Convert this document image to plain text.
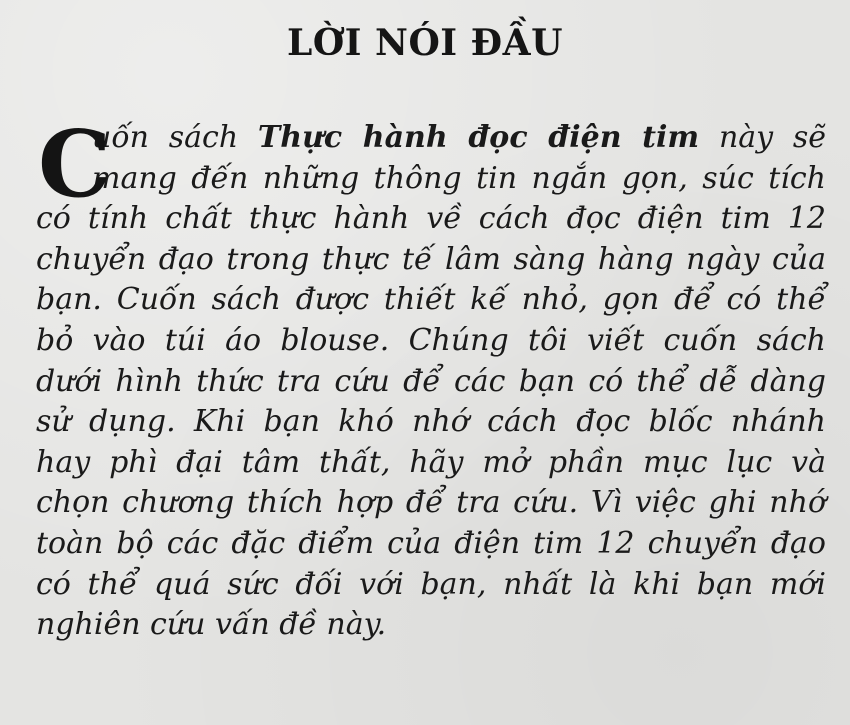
LỜI NÓI ĐẦU
C
uốn sách Thực hành đọc điện tim này sẽ
mang đến những thông tin ngắn gọn, súc tích
có tính chất thực hành về cách đọc điện tim 12
chuyển đạo trong thực tế lâm sàng hàng ngày của
bạn. Cuốn sách được thiết kế nhỏ, gọn để có thể
bỏ vào túi áo blouse. Chúng tôi viết cuốn sách
dưới hình thức tra cứu để các bạn có thể dễ dàng
sử dụng. Khi bạn khó nhớ cách đọc blốc nhánh
hay phì đại tâm thất, hãy mở phần mục lục và
chọn chương thích hợp để tra cứu. Vì việc ghi nhớ
toàn bộ các đặc điểm của điện tim 12 chuyển đạo
có thể quá sức đối với bạn, nhất là khi bạn mới
nghiên cứu vấn đề này.
